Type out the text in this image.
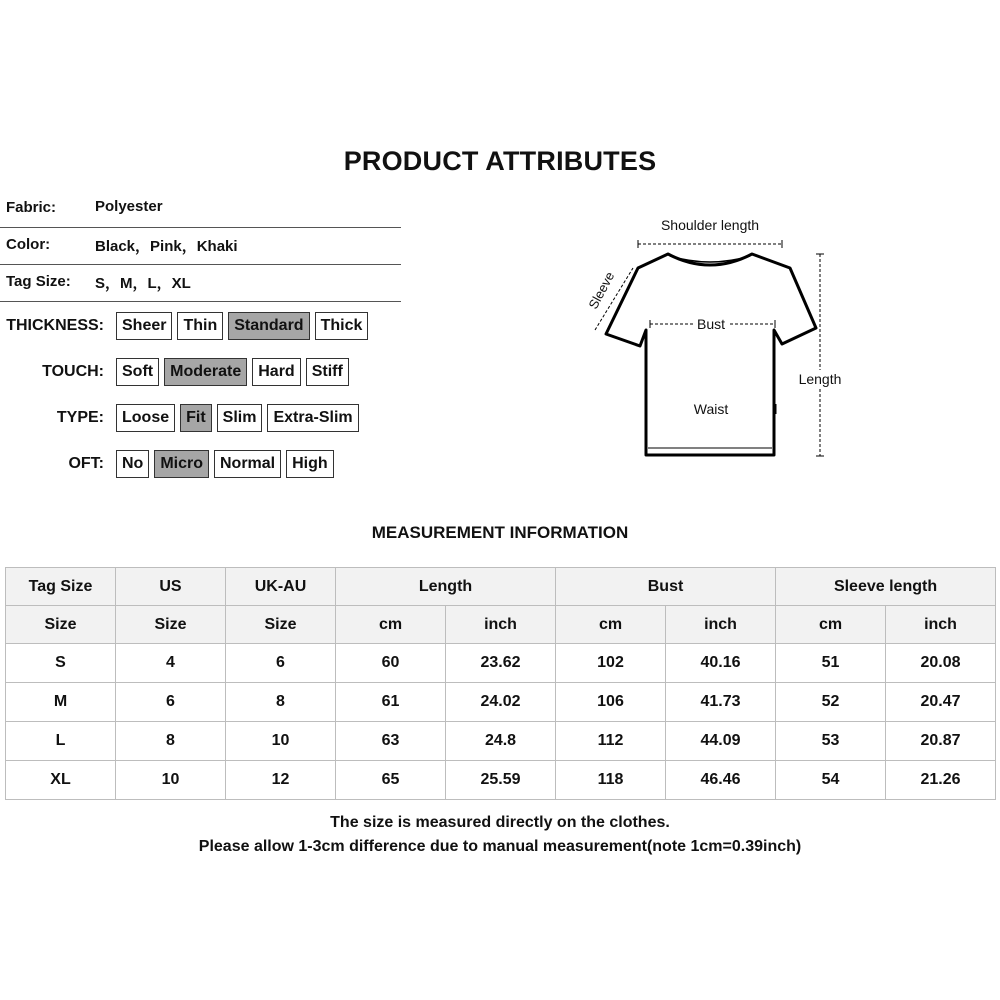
PRODUCT ATTRIBUTES
Fabric:	Polyester
Color:	Black，Pink，Khaki
Tag Size: S，M，L，XL
THICKNESS:	Sheer	Thin	Standard	Thick
TOUCH:	Soft	Moderate	Hard	Stiff
TYPE:	Loose	Fit	Slim	Extra-Slim
OFT:	No	Micro	Normal	High
Shoulder length
Sleeve
Bust
Waist
Length
MEASUREMENT INFORMATION
Tag Size	US	UK-AU	Length		Bust		Sleeve length	
Size	Size	Size	cm	inch	cm	inch	cm	inch
S	4	6	60	23.62	102	40.16	51	20.08
M	6	8	61	24.02	106	41.73	52	20.47
L	8	10	63	24.8	112	44.09	53	20.87
XL	10	12	65	25.59	118	46.46	54	21.26
The size is measured directly on the clothes.
Please allow 1-3cm difference due to manual measurement(note 1cm=0.39inch)
